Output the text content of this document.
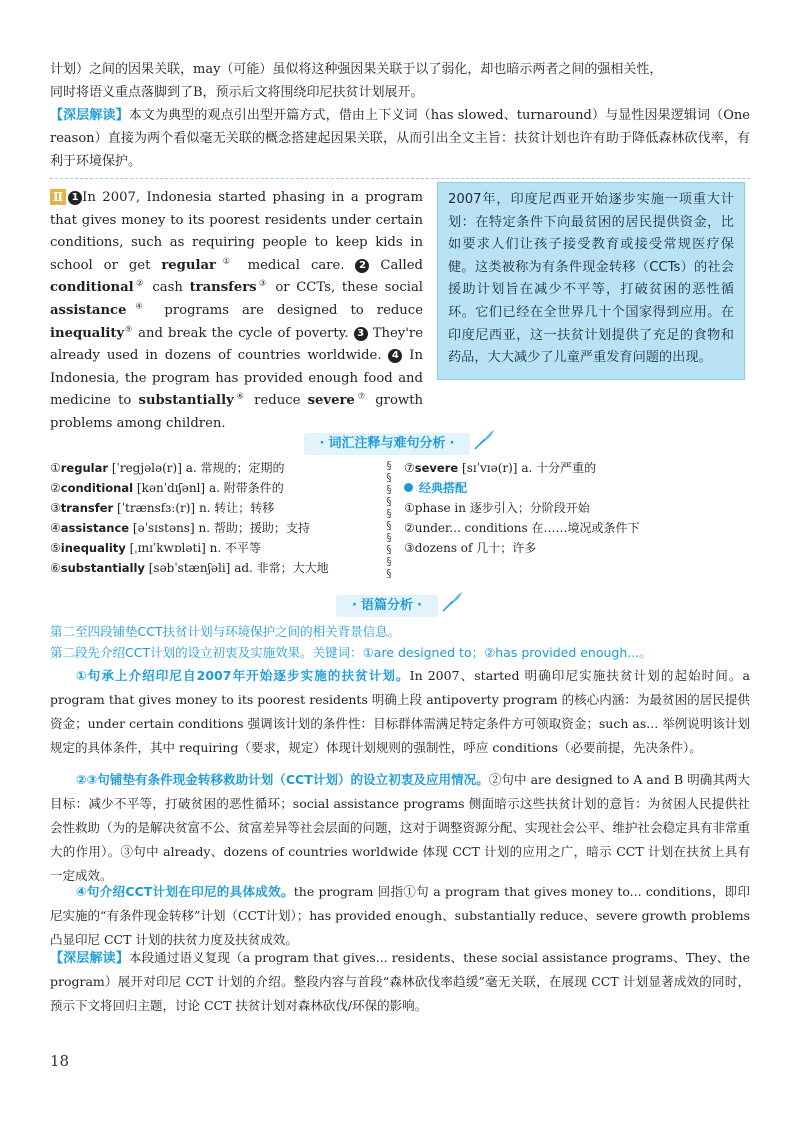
计划）之间的因果关联，may（可能）虽似将这种强因果关联于以了弱化，却也暗示两者之间的强相关性，
同时将语义重点落脚到了B，预示后文将围绕印尼扶贫计划展开。

【深层解读】本文为典型的观点引出型开篇方式，借由上下义词（has slowed、turnaround）与显性因果逻辑词（One reason）直接为两个看似毫无关联的概念搭建起因果关联，从而引出全文主旨：扶贫计划也许有助于降低森林砍伐率，有利于环境保护。

Ⅱ 1 In 2007, Indonesia started phasing in a program that gives money to its poorest residents under certain conditions, such as requiring people to keep kids in school or get regular① medical care. 2 Called conditional② cash transfers③ or CCTs, these social assistance④ programs are designed to reduce inequality⑤ and break the cycle of poverty. 3 They're already used in dozens of countries worldwide. 4 In Indonesia, the program has provided enough food and medicine to substantially⑥ reduce severe⑦ growth problems among children.

2007年，印度尼西亚开始逐步实施一项重大计划：在特定条件下向最贫困的居民提供资金，比如要求人们让孩子接受教育或接受常规医疗保健。这类被称为有条件现金转移（CCTs）的社会援助计划旨在减少不平等，打破贫困的恶性循环。它们已经在全世界几十个国家得到应用。在印度尼西亚，这一扶贫计划提供了充足的食物和药品，大大减少了儿童严重发育问题的出现。
· 词汇注释与难句分析 ·
①regular [ˈregjələ(r)] a. 常规的；定期的
②conditional [kənˈdɪʃənl] a. 附带条件的
③transfer [ˈtrænsfɜː(r)] n. 转让；转移
④assistance [əˈsɪstəns] n. 帮助；援助；支持
⑤inequality [ˌɪnɪˈkwɒləti] n. 不平等
⑥substantially [səbˈstænʃəli] ad. 非常；大大地
§
§
§
§
§
§
§
§
§
§
⑦severe [sɪˈvɪə(r)] a. 十分严重的
经典搭配
①phase in 逐步引入；分阶段开始
②under... conditions 在……境况或条件下
③dozens of 几十；许多
· 语篇分析 ·

第二至四段铺垫CCT扶贫计划与环境保护之间的相关背景信息。

第二段先介绍CCT计划的设立初衷及实施效果。关键词：①are designed to；②has provided enough...。

①句承上介绍印尼自2007年开始逐步实施的扶贫计划。In 2007、started 明确印尼实施扶贫计划的起始时间。a program that gives money to its poorest residents 明确上段 antipoverty program 的核心内涵：为最贫困的居民提供资金；under certain conditions 强调该计划的条件性：目标群体需满足特定条件方可领取资金；such as... 举例说明该计划规定的具体条件，其中 requiring（要求，规定）体现计划规则的强制性，呼应 conditions（必要前提，先决条件）。

②③句铺垫有条件现金转移救助计划（CCT计划）的设立初衷及应用情况。②句中 are designed to A and B 明确其两大目标：减少不平等，打破贫困的恶性循环；social assistance programs 侧面暗示这些扶贫计划的意旨：为贫困人民提供社会性救助（为的是解决贫富不公、贫富差异等社会层面的问题，这对于调整资源分配、实现社会公平、维护社会稳定具有非常重大的作用）。③句中 already、dozens of countries worldwide 体现 CCT 计划的应用之广，暗示 CCT 计划在扶贫上具有一定成效。

④句介绍CCT计划在印尼的具体成效。the program 回指①句 a program that gives money to... conditions，即印尼实施的“有条件现金转移”计划（CCT计划）；has provided enough、substantially reduce、severe growth problems 凸显印尼 CCT 计划的扶贫力度及扶贫成效。

【深层解读】本段通过语义复现（a program that gives... residents、these social assistance programs、They、the program）展开对印尼 CCT 计划的介绍。整段内容与首段“森林砍伐率趋缓”毫无关联，在展现 CCT 计划显著成效的同时，预示下文将回归主题，讨论 CCT 扶贫计划对森林砍伐/环保的影响。

18
